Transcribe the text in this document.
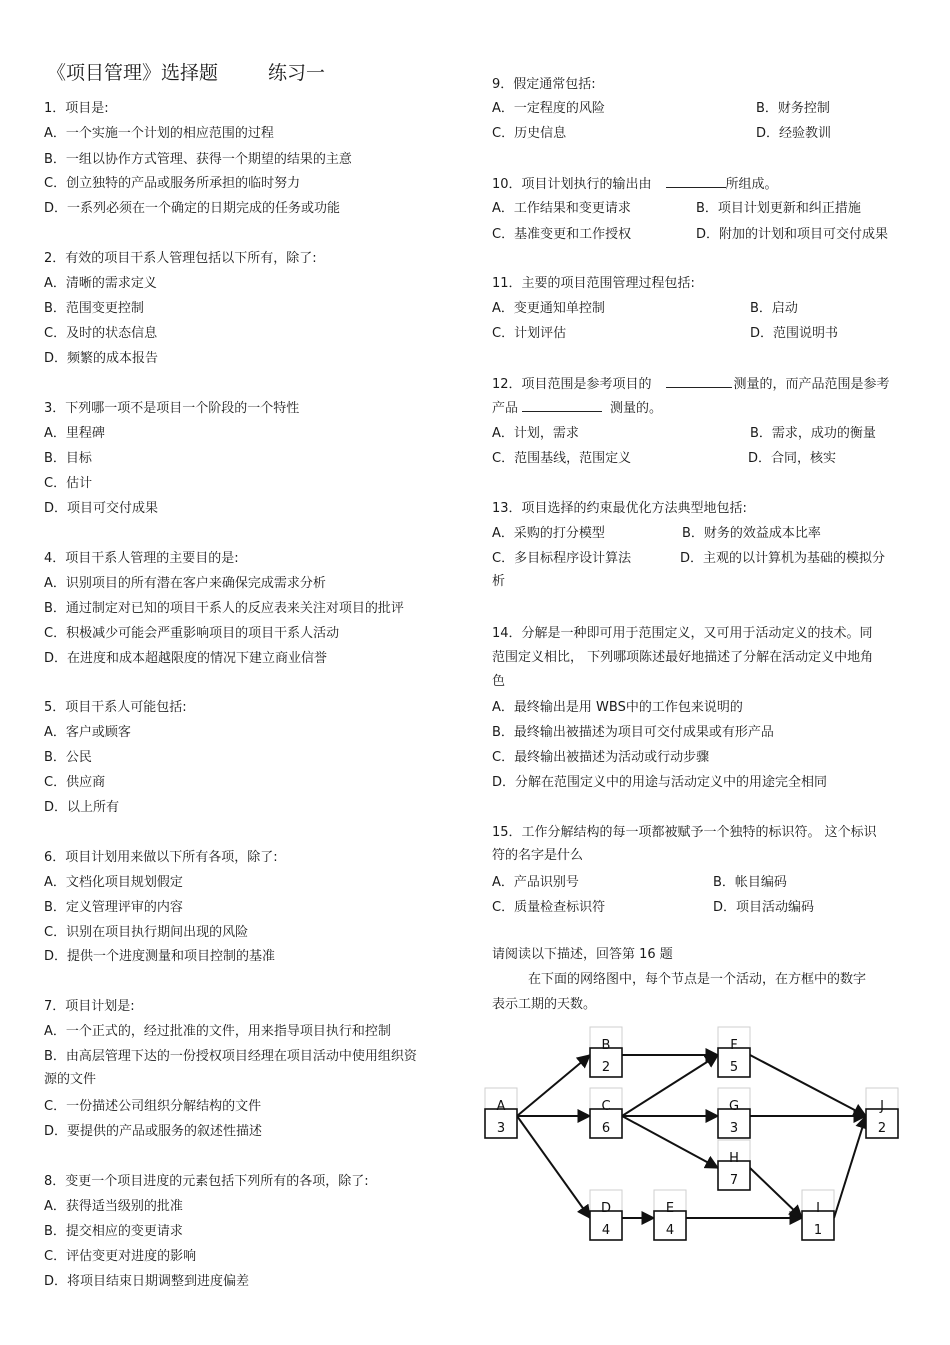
《项目管理》选择题	练习一
1．项目是:
A．一个实施一个计划的相应范围的过程
B．一组以协作方式管理、获得一个期望的结果的主意
C．创立独特的产品或服务所承担的临时努力
D．一系列必须在一个确定的日期完成的任务或功能
2．有效的项目干系人管理包括以下所有，除了:
A．清晰的需求定义
B．范围变更控制
C．及时的状态信息
D．频繁的成本报告
3．下列哪一项不是项目一个阶段的一个特性
A．里程碑
B．目标
C．估计
D．项目可交付成果
4．项目干系人管理的主要目的是:
A．识别项目的所有潜在客户来确保完成需求分析
B．通过制定对已知的项目干系人的反应表来关注对项目的批评
C．积极减少可能会严重影响项目的项目干系人活动
D．在进度和成本超越限度的情况下建立商业信誉
5．项目干系人可能包括:
A．客户或顾客
B．公民
C．供应商
D．以上所有
6．项目计划用来做以下所有各项，除了:
A．文档化项目规划假定
B．定义管理评审的内容
C．识别在项目执行期间出现的风险
D．提供一个进度测量和项目控制的基准
7．项目计划是:
A．一个正式的，经过批准的文件，用来指导项目执行和控制
B．由高层管理下达的一份授权项目经理在项目活动中使用组织资
源的文件
C．一份描述公司组织分解结构的文件
D．要提供的产品或服务的叙述性描述
8．变更一个项目进度的元素包括下列所有的各项，除了:
A．获得适当级别的批准
B．提交相应的变更请求
C．评估变更对进度的影响
D．将项目结束日期调整到进度偏差
9．假定通常包括:
A．一定程度的风险	B．财务控制
C．历史信息	D．经验教训
10．项目计划执行的输出由	所组成。
A．工作结果和变更请求	B．项目计划更新和纠正措施
C．基准变更和工作授权	D．附加的计划和项目可交付成果
11．主要的项目范围管理过程包括:
A．变更通知单控制	B．启动
C．计划评估	D．范围说明书
12．项目范围是参考项目的	测量的，而产品范围是参考
产品	测量的。
A．计划，需求	B．需求，成功的衡量
C．范围基线，范围定义	D．合同，核实
13．项目选择的约束最优化方法典型地包括:
A．采购的打分模型	B．财务的效益成本比率
C．多目标程序设计算法	D．主观的以计算机为基础的模拟分
析
14．分解是一种即可用于范围定义，又可用于活动定义的技术。同
范围定义相比， 下列哪项陈述最好地描述了分解在活动定义中地角
色
A．最终输出是用 WBS中的工作包来说明的
B．最终输出被描述为项目可交付成果或有形产品
C．最终输出被描述为活动或行动步骤
D．分解在范围定义中的用途与活动定义中的用途完全相同
15．工作分解结构的每一项都被赋予一个独特的标识符。 这个标识
符的名字是什么
A．产品识别号	B．帐目编码
C．质量检查标识符	D．项目活动编码
请阅读以下描述，回答第 16 题
在下面的网络图中，每个节点是一个活动，在方框中的数字
表示工期的天数。
A
3
B
2
C
6
D
4
E
4
F
5
G
3
H
7
I
1
J
2
